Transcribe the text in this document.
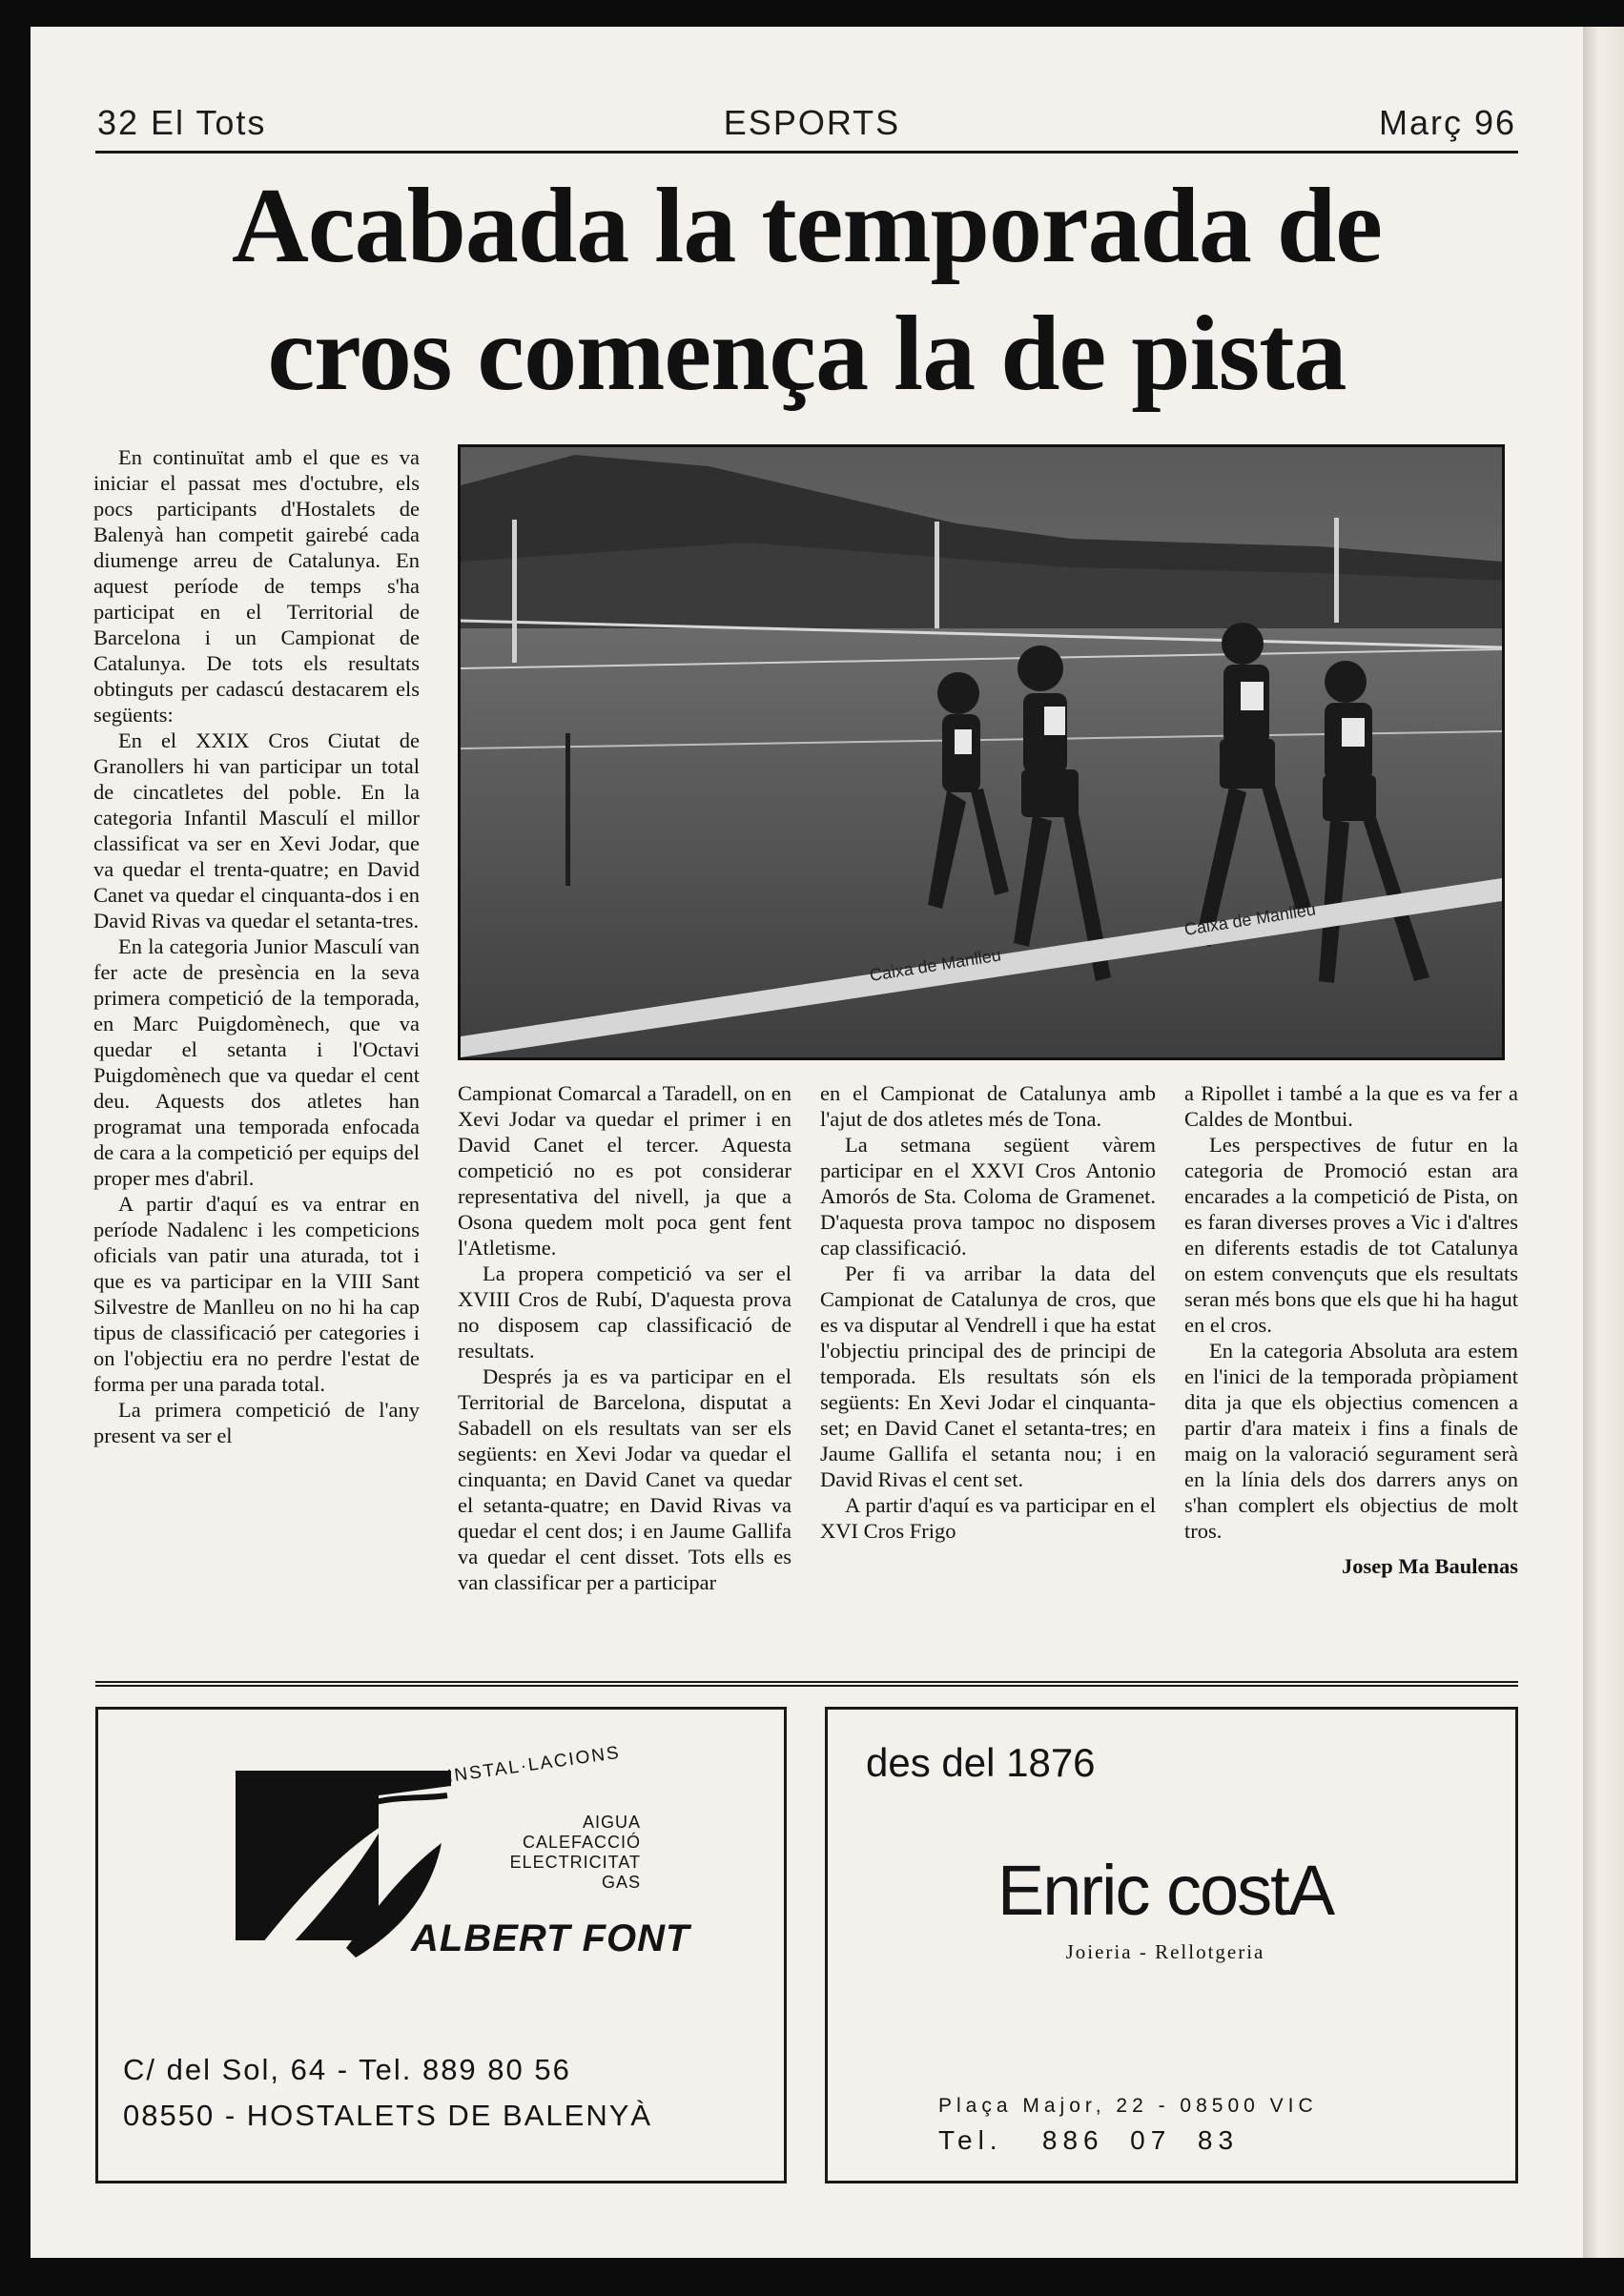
32 El Tots	ESPORTS	Març 96
Acabada la temporada de
cros comença la de pista

En continuïtat amb el que es va iniciar el passat mes d'octubre, els pocs participants d'Hostalets de Balenyà han competit gairebé cada diumenge arreu de Catalunya. En aquest període de temps s'ha participat en el Territorial de Barcelona i un Campionat de Catalunya. De tots els resultats obtinguts per cadascú destacarem els següents:

En el XXIX Cros Ciutat de Granollers hi van participar un total de cincatletes del poble. En la categoria Infantil Masculí el millor classificat va ser en Xevi Jodar, que va quedar el trenta-quatre; en David Canet va quedar el cinquanta-dos i en David Rivas va quedar el setanta-tres.

En la categoria Junior Masculí van fer acte de presència en la seva primera competició de la temporada, en Marc Puigdomènech, que va quedar el setanta i l'Octavi Puigdomènech que va quedar el cent deu. Aquests dos atletes han programat una temporada enfocada de cara a la competició per equips del proper mes d'abril.

A partir d'aquí es va entrar en període Nadalenc i les competicions oficials van patir una aturada, tot i que es va participar en la VIII Sant Silvestre de Manlleu on no hi ha cap tipus de classificació per categories i on l'objectiu era no perdre l'estat de forma per una parada total.

La primera competició de l'any present va ser el

Caixa de Manlleu
Caixa de Manlleu

Campionat Comarcal a Taradell, on en Xevi Jodar va quedar el primer i en David Canet el tercer. Aquesta competició no es pot considerar representativa del nivell, ja que a Osona quedem molt poca gent fent l'Atletisme.

La propera competició va ser el XVIII Cros de Rubí, D'aquesta prova no disposem cap classificació de resultats.

Després ja es va participar en el Territorial de Barcelona, disputat a Sabadell on els resultats van ser els següents: en Xevi Jodar va quedar el cinquanta; en David Canet va quedar el setanta-quatre; en David Rivas va quedar el cent dos; i en Jaume Gallifa va quedar el cent disset. Tots ells es van classificar per a participar

en el Campionat de Catalunya amb l'ajut de dos atletes més de Tona.

La setmana següent vàrem participar en el XXVI Cros Antonio Amorós de Sta. Coloma de Gramenet. D'aquesta prova tampoc no disposem cap classificació.

Per fi va arribar la data del Campionat de Catalunya de cros, que es va disputar al Vendrell i que ha estat l'objectiu principal des de principi de temporada. Els resultats són els següents: En Xevi Jodar el cinquanta-set; en David Canet el setanta-tres; en Jaume Gallifa el setanta nou; i en David Rivas el cent set.

A partir d'aquí es va participar en el XVI Cros Frigo

a Ripollet i també a la que es va fer a Caldes de Montbui.

Les perspectives de futur en la categoria de Promoció estan ara encarades a la competició de Pista, on es faran diverses proves a Vic i d'altres en diferents estadis de tot Catalunya on estem convençuts que els resultats seran més bons que els que hi ha hagut en el cros.

En la categoria Absoluta ara estem en l'inici de la temporada pròpiament dita ja que els objectius comencen a partir d'ara mateix i fins a finals de maig on la valoració segurament serà en la línia dels dos darrers anys on s'han complert els objectius de molt tros.

Josep Ma Baulenas
INSTAL·LACIONS
AIGUA
CALEFACCIÓ
ELECTRICITAT
GAS
ALBERT FONT
C/ del Sol, 64 - Tel. 889 80 56
08550 - HOSTALETS DE BALENYÀ
des del 1876
Enric costA
Joieria - Rellotgeria
Plaça Major, 22 - 08500 VIC
Tel.   886  07  83
